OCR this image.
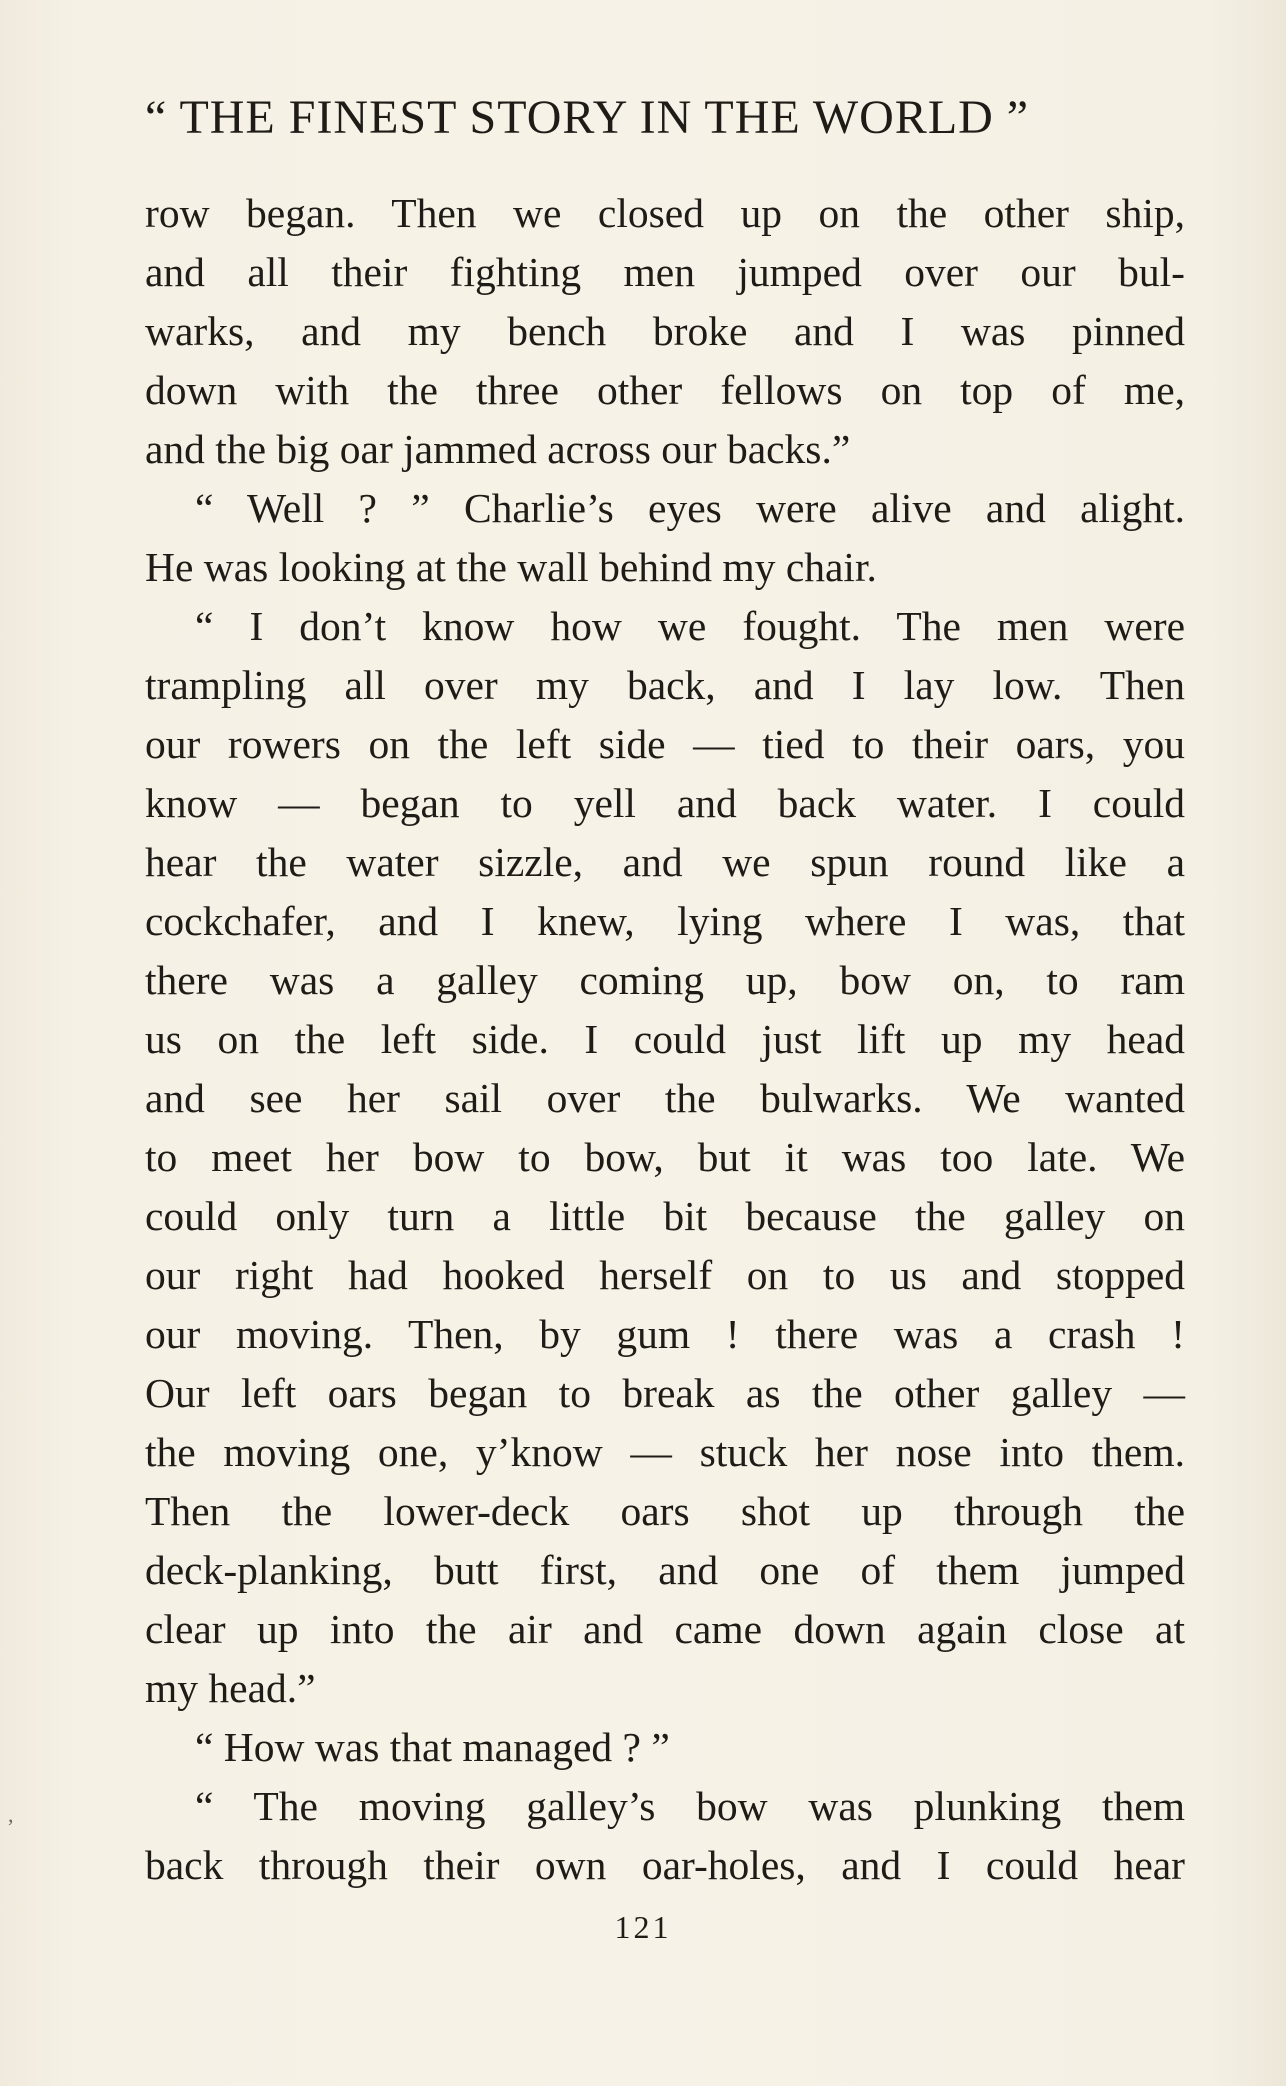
“ THE FINEST STORY IN THE WORLD ”
row began. Then we closed up on the other ship,
and all their fighting men jumped over our bul-
warks, and my bench broke and I was pinned
down with the three other fellows on top of me,
and the big oar jammed across our backs.”
“ Well ? ” Charlie’s eyes were alive and alight.
He was looking at the wall behind my chair.
“ I don’t know how we fought. The men were
trampling all over my back, and I lay low. Then
our rowers on the left side — tied to their oars, you
know — began to yell and back water. I could
hear the water sizzle, and we spun round like a
cockchafer, and I knew, lying where I was, that
there was a galley coming up, bow on, to ram
us on the left side. I could just lift up my head
and see her sail over the bulwarks. We wanted
to meet her bow to bow, but it was too late. We
could only turn a little bit because the galley on
our right had hooked herself on to us and stopped
our moving. Then, by gum ! there was a crash !
Our left oars began to break as the other galley —
the moving one, y’know — stuck her nose into them.
Then the lower-deck oars shot up through the
deck-planking, butt first, and one of them jumped
clear up into the air and came down again close at
my head.”
“ How was that managed ? ”
“ The moving galley’s bow was plunking them
back through their own oar-holes, and I could hear
,
121
